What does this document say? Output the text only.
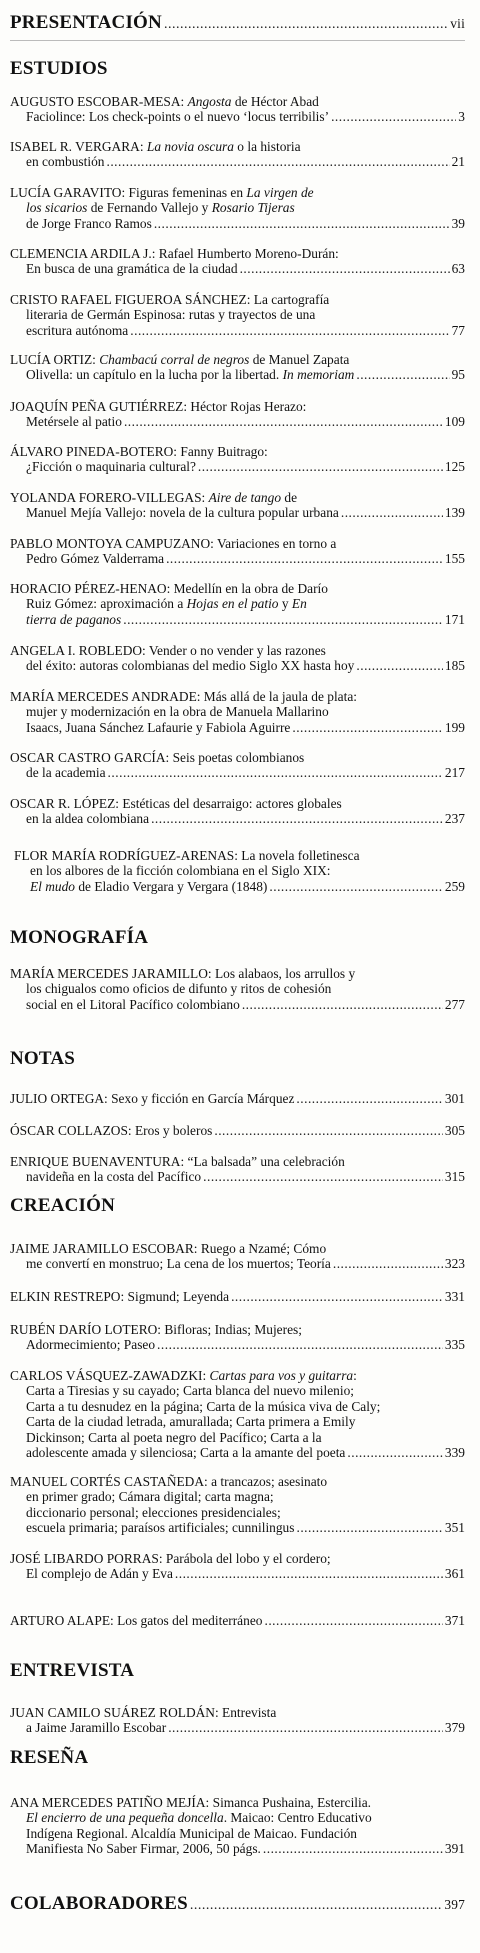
PRESENTACIÓN .....	vii
ESTUDIOS
AUGUSTO ESCOBAR-MESA: Angosta de Héctor Abad
Faciolince: Los check-points o el nuevo ‘locus terribilis’ .....	3
ISABEL R. VERGARA: La novia oscura o la historia
en combustión .....	21
LUCÍA GARAVITO: Figuras femeninas en La virgen de
los sicarios de Fernando Vallejo y Rosario Tijeras
de Jorge Franco Ramos .....	39
CLEMENCIA ARDILA J.: Rafael Humberto Moreno-Durán:
En busca de una gramática de la ciudad .....	63
CRISTO RAFAEL FIGUEROA SÁNCHEZ: La cartografía
literaria de Germán Espinosa: rutas y trayectos de una
escritura autónoma .....	77
LUCÍA ORTIZ: Chambacú corral de negros de Manuel Zapata
Olivella: un capítulo en la lucha por la libertad. In memoriam .....	95
JOAQUÍN PEÑA GUTIÉRREZ: Héctor Rojas Herazo:
Metérsele al patio .....	109
ÁLVARO PINEDA-BOTERO: Fanny Buitrago:
¿Ficción o maquinaria cultural? .....	125
YOLANDA FORERO-VILLEGAS: Aire de tango de
Manuel Mejía Vallejo: novela de la cultura popular urbana .....	139
PABLO MONTOYA CAMPUZANO: Variaciones en torno a
Pedro Gómez Valderrama .....	155
HORACIO PÉREZ-HENAO: Medellín en la obra de Darío
Ruiz Gómez: aproximación a Hojas en el patio y En
tierra de paganos .....	171
ANGELA I. ROBLEDO: Vender o no vender y las razones
del éxito: autoras colombianas del medio Siglo XX hasta hoy .....	185
MARÍA MERCEDES ANDRADE: Más allá de la jaula de plata:
mujer y modernización en la obra de Manuela Mallarino
Isaacs, Juana Sánchez Lafaurie y Fabiola Aguirre .....	199
OSCAR CASTRO GARCÍA: Seis poetas colombianos
de la academia .....	217
OSCAR R. LÓPEZ: Estéticas del desarraigo: actores globales
en la aldea colombiana .....	237
FLOR MARÍA RODRÍGUEZ-ARENAS: La novela folletinesca
en los albores de la ficción colombiana en el Siglo XIX:
El mudo de Eladio Vergara y Vergara (1848) .....	259
MONOGRAFÍA
MARÍA MERCEDES JARAMILLO: Los alabaos, los arrullos y
los chigualos como oficios de difunto y ritos de cohesión
social en el Litoral Pacífico colombiano .....	277
NOTAS
JULIO ORTEGA: Sexo y ficción en García Márquez .....	301
ÓSCAR COLLAZOS: Eros y boleros .....	305
ENRIQUE BUENAVENTURA: “La balsada” una celebración
navideña en la costa del Pacífico .....	315
CREACIÓN
JAIME JARAMILLO ESCOBAR: Ruego a Nzamé; Cómo
me convertí en monstruo; La cena de los muertos; Teoría .....	323
ELKIN RESTREPO: Sigmund; Leyenda .....	331
RUBÉN DARÍO LOTERO: Bifloras; Indias; Mujeres;
Adormecimiento; Paseo .....	335
CARLOS VÁSQUEZ-ZAWADZKI: Cartas para vos y guitarra:
Carta a Tiresias y su cayado; Carta blanca del nuevo milenio;
Carta a tu desnudez en la página; Carta de la música viva de Caly;
Carta de la ciudad letrada, amurallada; Carta primera a Emily
Dickinson; Carta al poeta negro del Pacífico; Carta a la
adolescente amada y silenciosa; Carta a la amante del poeta .....	339
MANUEL CORTÉS CASTAÑEDA: a trancazos; asesinato
en primer grado; Cámara digital; carta magna;
diccionario personal; elecciones presidenciales;
escuela primaria; paraísos artificiales; cunnilingus .....	351
JOSÉ LIBARDO PORRAS: Parábola del lobo y el cordero;
El complejo de Adán y Eva .....	361
ARTURO ALAPE: Los gatos del mediterráneo .....	371
ENTREVISTA
JUAN CAMILO SUÁREZ ROLDÁN: Entrevista
a Jaime Jaramillo Escobar .....	379
RESEÑA
ANA MERCEDES PATIÑO MEJÍA: Simanca Pushaina, Estercilia.
El encierro de una pequeña doncella. Maicao: Centro Educativo
Indígena Regional. Alcaldía Municipal de Maicao. Fundación
Manifiesta No Saber Firmar, 2006, 50 págs. .....	391
COLABORADORES .....	397
